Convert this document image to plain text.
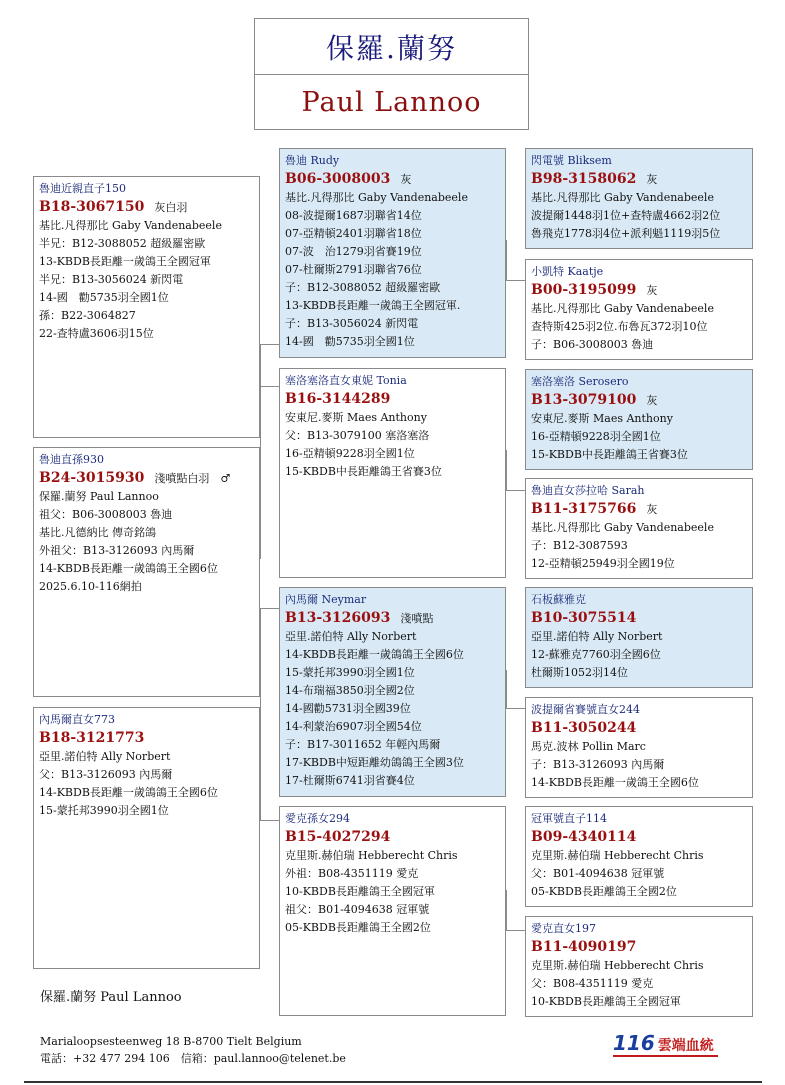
保羅.蘭努
Paul Lannoo
魯迪近親直子150
B18-3067150 灰白羽
基比.凡得那比 Gaby Vandenabeele
半兄：B12-3088052 超級羅密歐
13-KBDB長距離一歲鴿王全國冠軍
半兄：B13-3056024 新閃電
14-國　勸5735羽全國1位
孫：B22-3064827
22-查特盧3606羽15位
魯迪直孫930
B24-3015930 淺噴點白羽　♂
保羅.蘭努 Paul Lannoo
祖父：B06-3008003 魯迪
基比.凡德納比 傳奇銘鴿
外祖父：B13-3126093 內馬爾
14-KBDB長距離一歲鴿鴿王全國6位
2025.6.10-116網拍
內馬爾直女773
B18-3121773
亞里.諾伯特 Ally Norbert
父：B13-3126093 內馬爾
14-KBDB長距離一歲鴿鴿王全國6位
15-蒙托邦3990羽全國1位
魯迪 Rudy
B06-3008003 灰
基比.凡得那比 Gaby Vandenabeele
08-波提爾1687羽聯省14位
07-亞精頓2401羽聯省18位
07-波　治1279羽省賽19位
07-杜爾斯2791羽聯省76位
子：B12-3088052 超級羅密歐
13-KBDB長距離一歲鴿王全國冠軍.
子：B13-3056024 新閃電
14-國　勸5735羽全國1位
塞洛塞洛直女東妮 Tonia
B16-3144289
安東尼.麥斯 Maes Anthony
父：B13-3079100 塞洛塞洛
16-亞精頓9228羽全國1位
15-KBDB中長距離鴿王省賽3位
內馬爾 Neymar
B13-3126093 淺噴點
亞里.諾伯特 Ally Norbert
14-KBDB長距離一歲鴿鴿王全國6位
15-蒙托邦3990羽全國1位
14-布瑞福3850羽全國2位
14-國勸5731羽全國39位
14-利蒙治6907羽全國54位
子：B17-3011652 年輕內馬爾
17-KBDB中短距離幼鴿鴿王全國3位
17-杜爾斯6741羽省賽4位
愛克孫女294
B15-4027294
克里斯.赫伯瑞 Hebberecht Chris
外祖：B08-4351119 愛克
10-KBDB長距離鴿王全國冠軍
祖父：B01-4094638 冠軍號
05-KBDB長距離鴿王全國2位
閃電號 Bliksem
B98-3158062 灰
基比.凡得那比 Gaby Vandenabeele
波提爾1448羽1位+查特盧4662羽2位
魯飛克1778羽4位+派利魁1119羽5位
小凱特 Kaatje
B00-3195099 灰
基比.凡得那比 Gaby Vandenabeele
查特斯425羽2位.布魯瓦372羽10位
子：B06-3008003 魯迪
塞洛塞洛 Serosero
B13-3079100 灰
安東尼.麥斯 Maes Anthony
16-亞精頓9228羽全國1位
15-KBDB中長距離鴿王省賽3位
魯迪直女莎拉哈 Sarah
B11-3175766 灰
基比.凡得那比 Gaby Vandenabeele
子：B12-3087593
12-亞精頓25949羽全國19位
石板蘇雅克
B10-3075514
亞里.諾伯特 Ally Norbert
12-蘇雅克7760羽全國6位
杜爾斯1052羽14位
波提爾省賽號直女244
B11-3050244
馬克.波林 Pollin Marc
子：B13-3126093 內馬爾
14-KBDB長距離一歲鴿王全國6位
冠軍號直子114
B09-4340114
克里斯.赫伯瑞 Hebberecht Chris
父：B01-4094638 冠軍號
05-KBDB長距離鴿王全國2位
愛克直女197
B11-4090197
克里斯.赫伯瑞 Hebberecht Chris
父：B08-4351119 愛克
10-KBDB長距離鴿王全國冠軍
保羅.蘭努 Paul Lannoo
Marialoopsesteenweg 18 B-8700 Tielt Belgium
電話：+32 477 294 106　信箱：paul.lannoo@telenet.be
116 雲端血統
